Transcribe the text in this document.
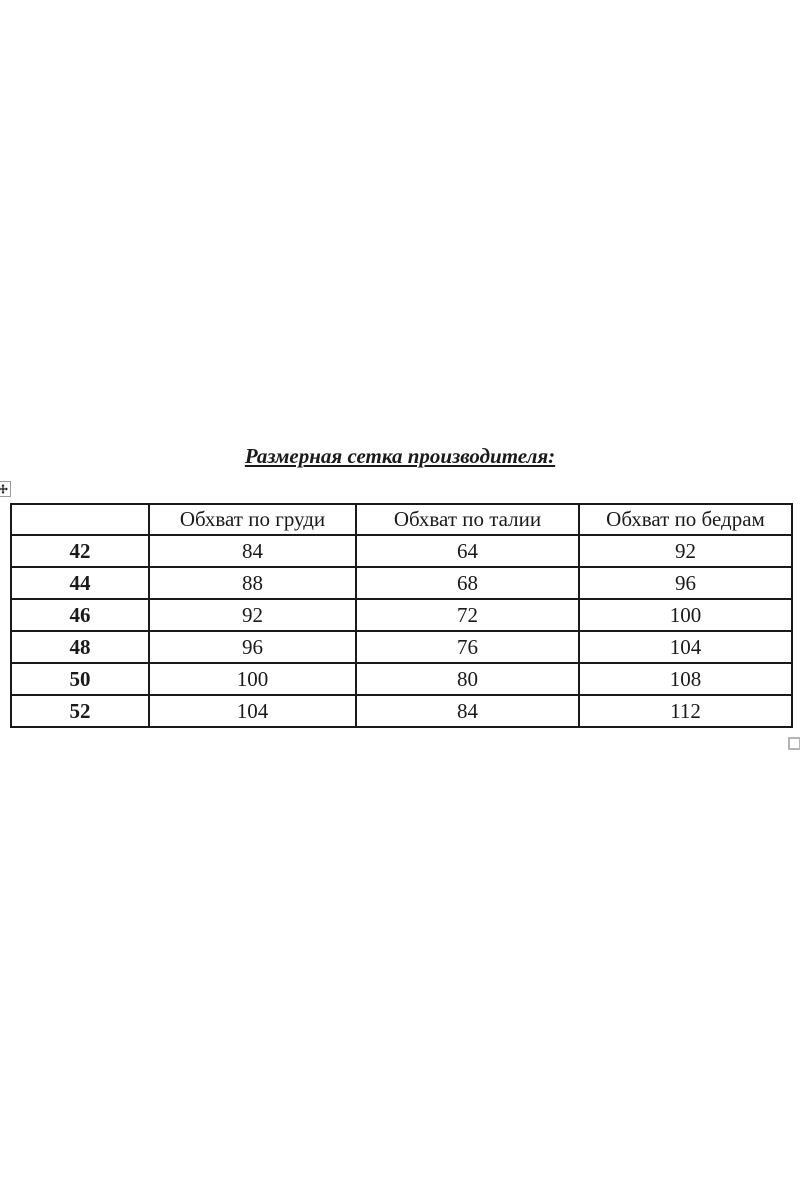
Размерная сетка производителя:
	Обхват по груди	Обхват по талии	Обхват по бедрам
42	84	64	92
44	88	68	96
46	92	72	100
48	96	76	104
50	100	80	108
52	104	84	112
